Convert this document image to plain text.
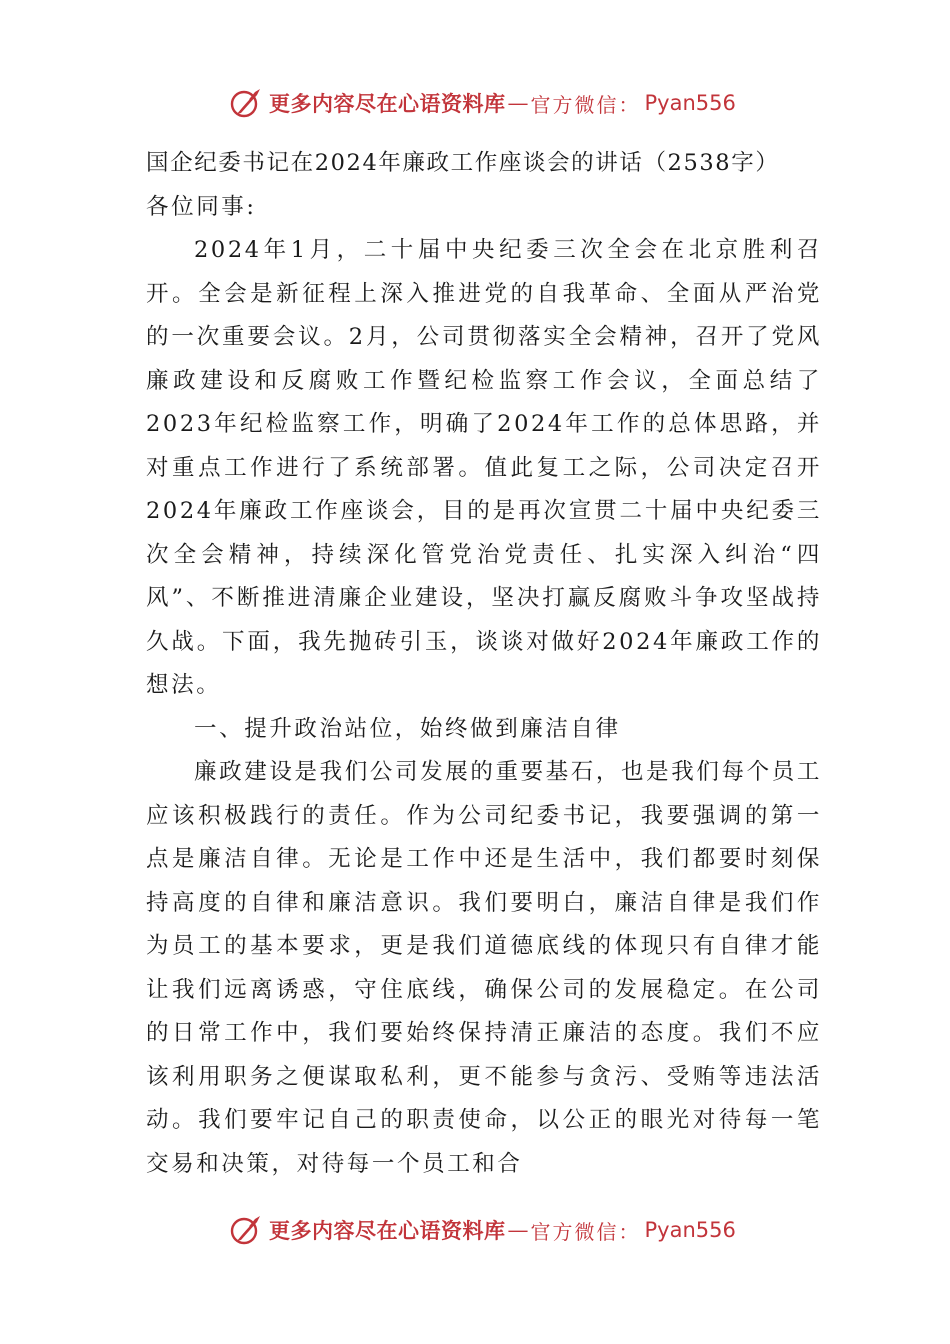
更多内容尽在心语资料库 — 官方微信： Pyan556

国企纪委书记在2024年廉政工作座谈会的讲话（2538字）

各位同事:

2024年1月，二十届中央纪委三次全会在北京胜利召开。全会是新征程上深入推进党的自我革命、全面从严治党的一次重要会议。2月，公司贯彻落实全会精神，召开了党风廉政建设和反腐败工作暨纪检监察工作会议，全面总结了2023年纪检监察工作，明确了2024年工作的总体思路，并对重点工作进行了系统部署。值此复工之际，公司决定召开2024年廉政工作座谈会，目的是再次宣贯二十届中央纪委三次全会精神，持续深化管党治党责任、扎实深入纠治“四风”、不断推进清廉企业建设，坚决打赢反腐败斗争攻坚战持久战。下面，我先抛砖引玉，谈谈对做好2024年廉政工作的想法。

一、提升政治站位，始终做到廉洁自律

廉政建设是我们公司发展的重要基石，也是我们每个员工应该积极践行的责任。作为公司纪委书记，我要强调的第一点是廉洁自律。无论是工作中还是生活中，我们都要时刻保持高度的自律和廉洁意识。我们要明白，廉洁自律是我们作为员工的基本要求，更是我们道德底线的体现只有自律才能让我们远离诱惑，守住底线，确保公司的发展稳定。在公司的日常工作中，我们要始终保持清正廉洁的态度。我们不应该利用职务之便谋取私利，更不能参与贪污、受贿等违法活动。我们要牢记自己的职责使命，以公正的眼光对待每一笔交易和决策，对待每一个员工和合

更多内容尽在心语资料库 — 官方微信： Pyan556
